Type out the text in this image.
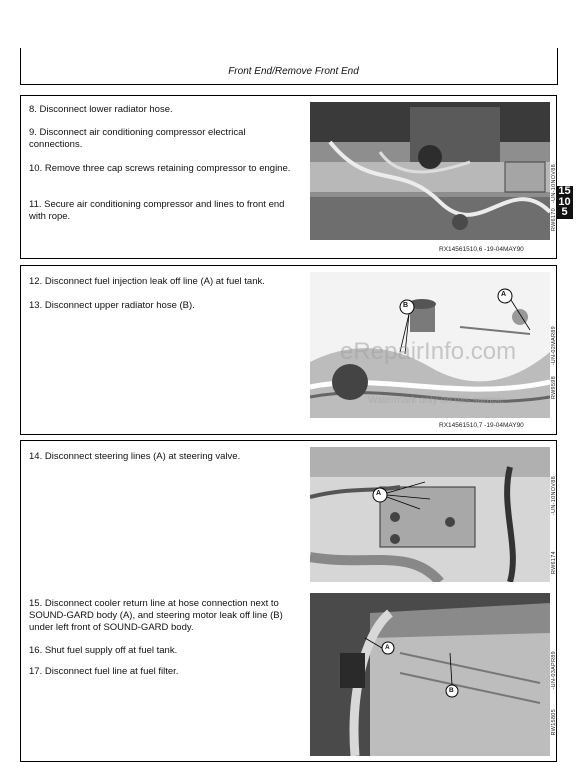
Front End/Remove Front End
15
10
5
8. Disconnect lower radiator hose.
9. Disconnect air conditioning compressor electrical connections.
10. Remove three cap screws retaining compressor to engine.
11. Secure air conditioning compressor and lines to front end with rope.
-UN-10NOV88
RW6170
RX14561510,6 -19-04MAY90
12. Disconnect fuel injection leak off line (A) at fuel tank.
13. Disconnect upper radiator hose (B).
A
B
-UN-02MAR89
RW9598
RX14561510,7 -19-04MAY90
eRepairInfo.com
Watermark only on this sample
14. Disconnect steering lines (A) at steering valve.
15. Disconnect cooler return line at hose connection next to SOUND-GARD body (A), and steering motor leak off line (B) under left front of SOUND-GARD body.
16. Shut fuel supply off at fuel tank.
17. Disconnect fuel line at fuel filter.
A	-UN-10NOV88
RW6174
A
B
-UN-03APR89
RW15805
